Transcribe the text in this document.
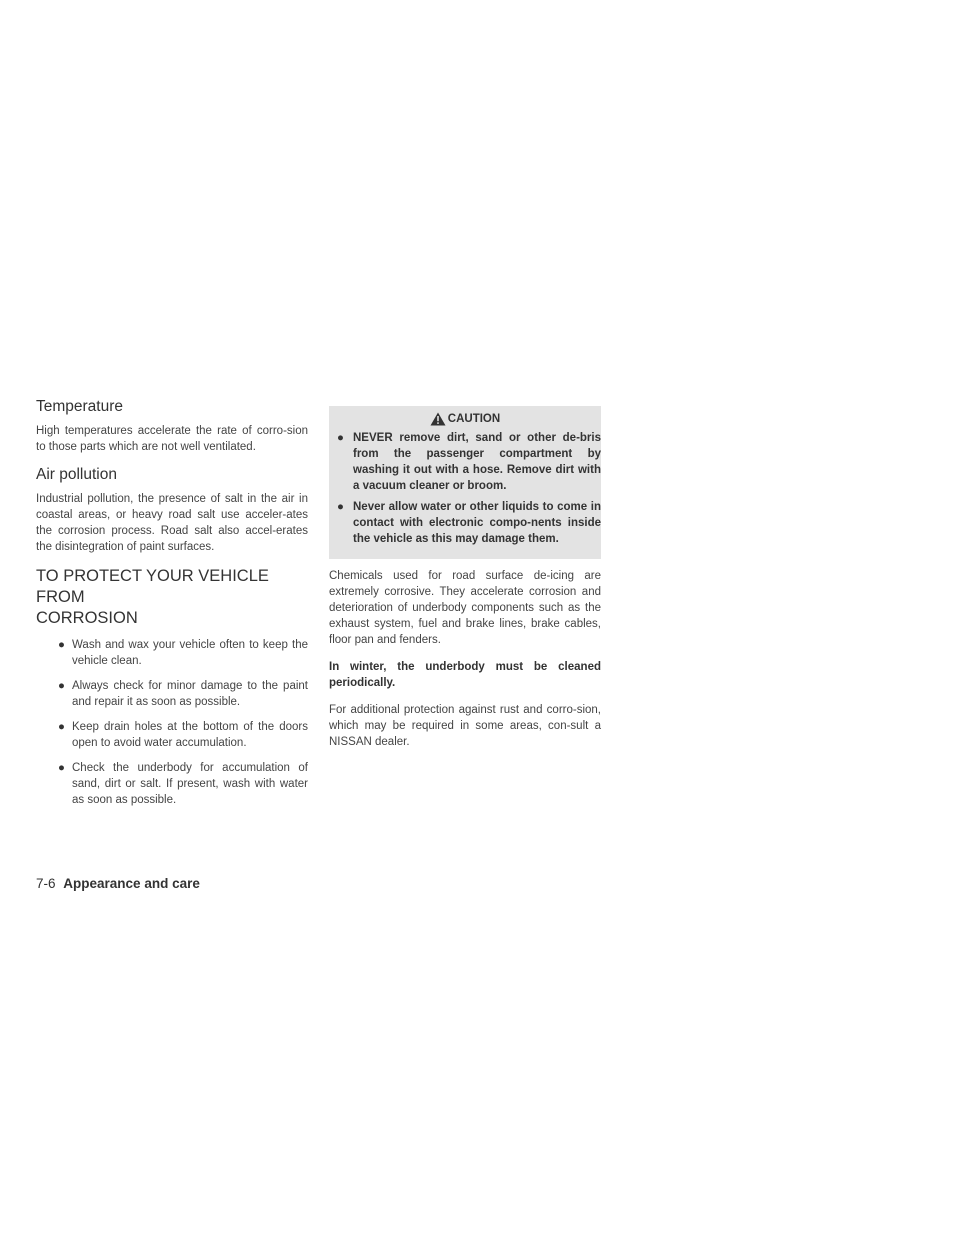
Temperature

High temperatures accelerate the rate of corro-sion to those parts which are not well ventilated.

Air pollution

Industrial pollution, the presence of salt in the air in coastal areas, or heavy road salt use acceler-ates the corrosion process. Road salt also accel-erates the disintegration of paint surfaces.

TO PROTECT YOUR VEHICLE FROM
CORROSION
● Wash and wax your vehicle often to keep the vehicle clean.
● Always check for minor damage to the paint and repair it as soon as possible.
● Keep drain holes at the bottom of the doors open to avoid water accumulation.
● Check the underbody for accumulation of sand, dirt or salt. If present, wash with water as soon as possible.
CAUTION
● NEVER remove dirt, sand or other de-bris from the passenger compartment by washing it out with a hose. Remove dirt with a vacuum cleaner or broom.
● Never allow water or other liquids to come in contact with electronic compo-nents inside the vehicle as this may damage them.

Chemicals used for road surface de-icing are extremely corrosive. They accelerate corrosion and deterioration of underbody components such as the exhaust system, fuel and brake lines, brake cables, floor pan and fenders.

In winter, the underbody must be cleaned periodically.

For additional protection against rust and corro-sion, which may be required in some areas, con-sult a NISSAN dealer.

7-6 Appearance and care
